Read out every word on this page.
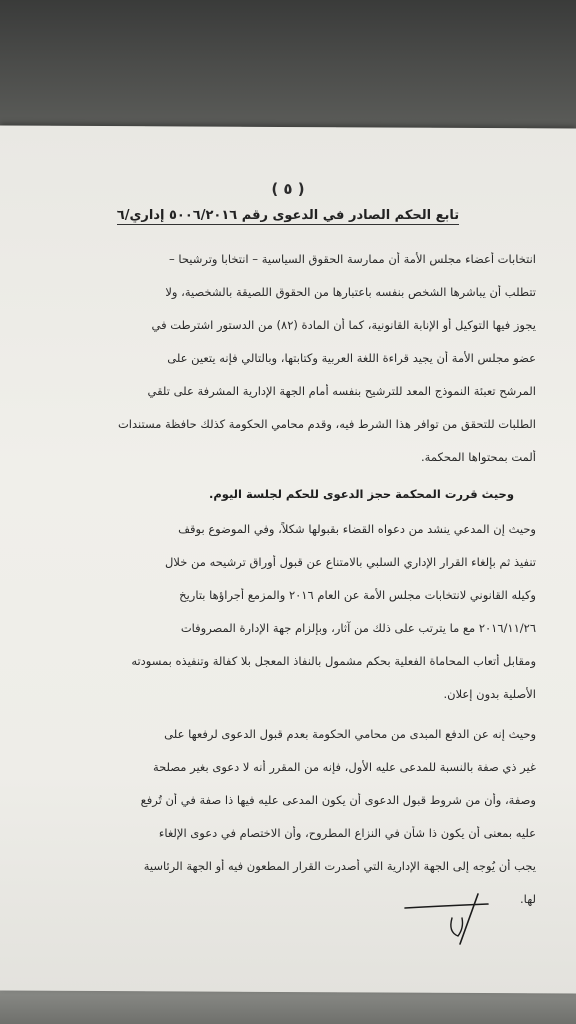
( ٥ )
تابع الحكم الصادر في الدعوى رقم ٥٠٠٦/٢٠١٦ إداري/٦
انتخابات أعضاء مجلس الأمة أن ممارسة الحقوق السياسية – انتخابا وترشيحا –
تتطلب أن يباشرها الشخص بنفسه باعتبارها من الحقوق اللصيقة بالشخصية، ولا
يجوز فيها التوكيل أو الإنابة القانونية، كما أن المادة (٨٢) من الدستور اشترطت في
عضو مجلس الأمة أن يجيد قراءة اللغة العربية وكتابتها، وبالتالي فإنه يتعين على
المرشح تعبئة النموذج المعد للترشيح بنفسه أمام الجهة الإدارية المشرفة على تلقي
الطلبات للتحقق من توافر هذا الشرط فيه، وقدم محامي الحكومة كذلك حافظة مستندات
ألمت بمحتواها المحكمة.
وحيث قررت المحكمة حجز الدعوى للحكم لجلسة اليوم.
وحيث إن المدعي ينشد من دعواه القضاء بقبولها شكلاً، وفي الموضوع بوقف
تنفيذ ثم بإلغاء القرار الإداري السلبي بالامتناع عن قبول أوراق ترشيحه من خلال
وكيله القانوني لانتخابات مجلس الأمة عن العام ٢٠١٦ والمزمع أجراؤها بتاريخ
٢٠١٦/١١/٢٦ مع ما يترتب على ذلك من آثار، وبإلزام جهة الإدارة المصروفات
ومقابل أتعاب المحاماة الفعلية بحكم مشمول بالنفاذ المعجل بلا كفالة وتنفيذه بمسودته
الأصلية بدون إعلان.
وحيث إنه عن الدفع المبدى من محامي الحكومة بعدم قبول الدعوى لرفعها على
غير ذي صفة بالنسبة للمدعى عليه الأول، فإنه من المقرر أنه لا دعوى بغير مصلحة
وصفة، وأن من شروط قبول الدعوى أن يكون المدعى عليه فيها ذا صفة في أن تُرفع
عليه بمعنى أن يكون ذا شأن في النزاع المطروح، وأن الاختصام في دعوى الإلغاء
يجب أن يُوجه إلى الجهة الإدارية التي أصدرت القرار المطعون فيه أو الجهة الرئاسية
لها.
